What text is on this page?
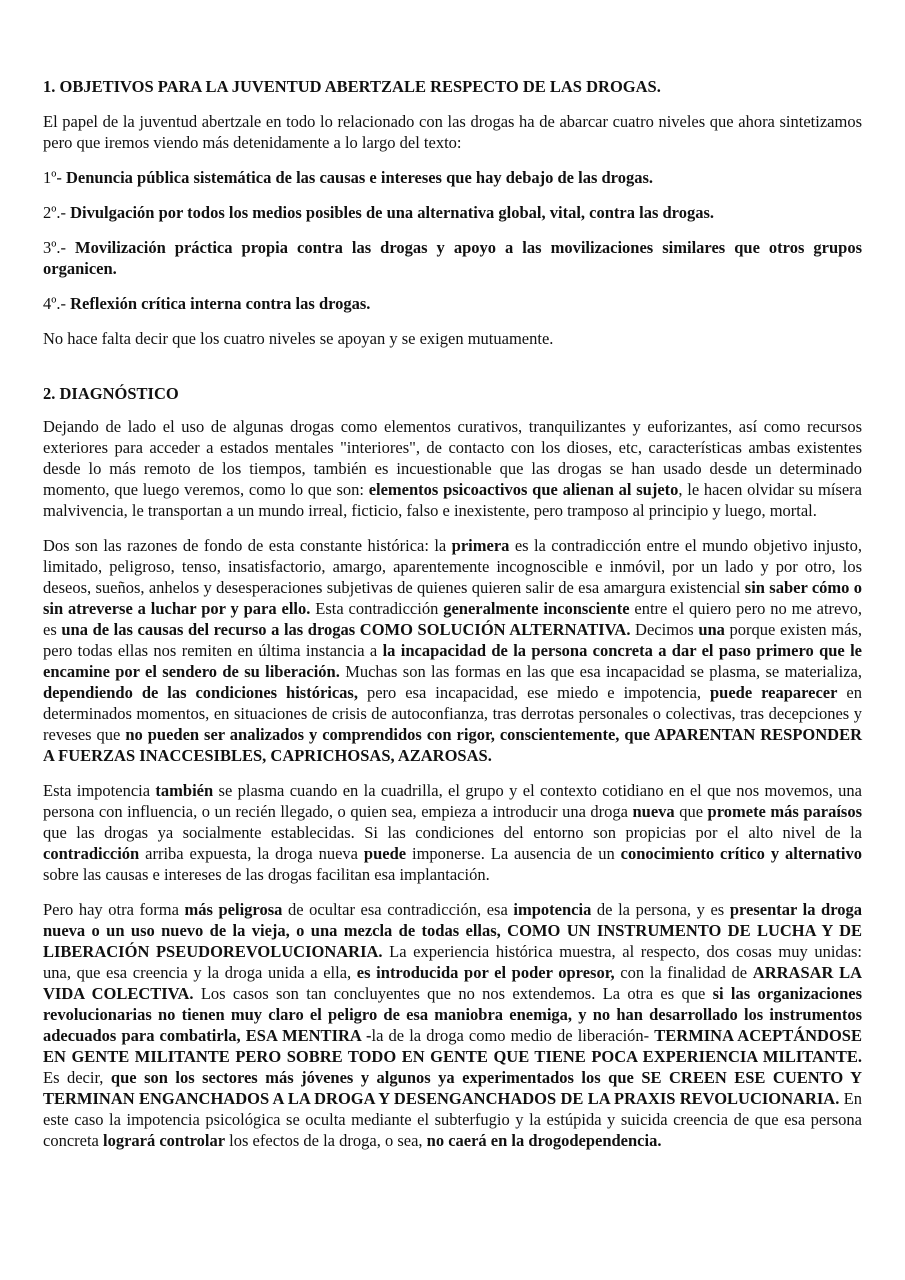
1. OBJETIVOS PARA LA JUVENTUD ABERTZALE RESPECTO DE LAS DROGAS.

El papel de la juventud abertzale en todo lo relacionado con las drogas ha de abarcar cuatro niveles que ahora sintetizamos pero que iremos viendo más detenidamente a lo largo del texto:

1º- Denuncia pública sistemática de las causas e intereses que hay debajo de las drogas.

2º.- Divulgación por todos los medios posibles de una alternativa global, vital, contra las drogas.

3º.- Movilización práctica propia contra las drogas y apoyo a las movilizaciones similares que otros grupos organicen.

4º.- Reflexión crítica interna contra las drogas.

No hace falta decir que los cuatro niveles se apoyan y se exigen mutuamente.

2. DIAGNÓSTICO

Dejando de lado el uso de algunas drogas como elementos curativos, tranquilizantes y euforizantes, así como recursos exteriores para acceder a estados mentales "interiores", de contacto con los dioses, etc, características ambas existentes desde lo más remoto de los tiempos, también es incuestionable que las drogas se han usado desde un determinado momento, que luego veremos, como lo que son: elementos psicoactivos que alienan al sujeto, le hacen olvidar su mísera malvivencia, le transportan a un mundo irreal, ficticio, falso e inexistente, pero tramposo al principio y luego, mortal.

Dos son las razones de fondo de esta constante histórica: la primera es la contradicción entre el mundo objetivo injusto, limitado, peligroso, tenso, insatisfactorio, amargo, aparentemente incognoscible e inmóvil, por un lado y por otro, los deseos, sueños, anhelos y desesperaciones subjetivas de quienes quieren salir de esa amargura existencial sin saber cómo o sin atreverse a luchar por y para ello. Esta contradicción generalmente inconsciente entre el quiero pero no me atrevo, es una de las causas del recurso a las drogas COMO SOLUCIÓN ALTERNATIVA. Decimos una porque existen más, pero todas ellas nos remiten en última instancia a la incapacidad de la persona concreta a dar el paso primero que le encamine por el sendero de su liberación. Muchas son las formas en las que esa incapacidad se plasma, se materializa, dependiendo de las condiciones históricas, pero esa incapacidad, ese miedo e impotencia, puede reaparecer en determinados momentos, en situaciones de crisis de autoconfianza, tras derrotas personales o colectivas, tras decepciones y reveses que no pueden ser analizados y comprendidos con rigor, conscientemente, que APARENTAN RESPONDER A FUERZAS INACCESIBLES, CAPRICHOSAS, AZAROSAS.

Esta impotencia también se plasma cuando en la cuadrilla, el grupo y el contexto cotidiano en el que nos movemos, una persona con influencia, o un recién llegado, o quien sea, empieza a introducir una droga nueva que promete más paraísos que las drogas ya socialmente establecidas. Si las condiciones del entorno son propicias por el alto nivel de la contradicción arriba expuesta, la droga nueva puede imponerse. La ausencia de un conocimiento crítico y alternativo sobre las causas e intereses de las drogas facilitan esa implantación.

Pero hay otra forma más peligrosa de ocultar esa contradicción, esa impotencia de la persona, y es presentar la droga nueva o un uso nuevo de la vieja, o una mezcla de todas ellas, COMO UN INSTRUMENTO DE LUCHA Y DE LIBERACIÓN PSEUDOREVOLUCIONARIA. La experiencia histórica muestra, al respecto, dos cosas muy unidas: una, que esa creencia y la droga unida a ella, es introducida por el poder opresor, con la finalidad de ARRASAR LA VIDA COLECTIVA. Los casos son tan concluyentes que no nos extendemos. La otra es que si las organizaciones revolucionarias no tienen muy claro el peligro de esa maniobra enemiga, y no han desarrollado los instrumentos adecuados para combatirla, ESA MENTIRA -la de la droga como medio de liberación- TERMINA ACEPTÁNDOSE EN GENTE MILITANTE PERO SOBRE TODO EN GENTE QUE TIENE POCA EXPERIENCIA MILITANTE. Es decir, que son los sectores más jóvenes y algunos ya experimentados los que SE CREEN ESE CUENTO Y TERMINAN ENGANCHADOS A LA DROGA Y DESENGANCHADOS DE LA PRAXIS REVOLUCIONARIA. En este caso la impotencia psicológica se oculta mediante el subterfugio y la estúpida y suicida creencia de que esa persona concreta logrará controlar los efectos de la droga, o sea, no caerá en la drogodependencia.
